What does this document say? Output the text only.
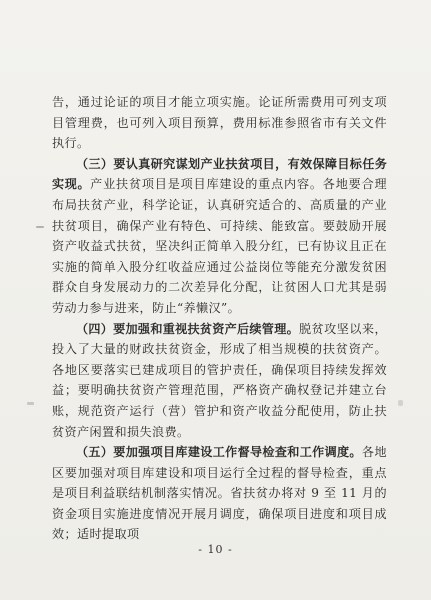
告，通过论证的项目才能立项实施。论证所需费用可列支项目管理费，也可列入项目预算，费用标准参照省市有关文件执行。

（三）要认真研究谋划产业扶贫项目，有效保障目标任务实现。产业扶贫项目是项目库建设的重点内容。各地要合理布局扶贫产业，科学论证，认真研究适合的、高质量的产业扶贫项目，确保产业有特色、可持续、能致富。要鼓励开展资产收益式扶贫，坚决纠正简单入股分红，已有协议且正在实施的简单入股分红收益应通过公益岗位等能充分激发贫困群众自身发展动力的二次差异化分配，让贫困人口尤其是弱劳动力参与进来，防止“养懒汉”。

（四）要加强和重视扶贫资产后续管理。脱贫攻坚以来，投入了大量的财政扶贫资金，形成了相当规模的扶贫资产。各地区要落实已建成项目的管护责任，确保项目持续发挥效益；要明确扶贫资产管理范围，严格资产确权登记并建立台账，规范资产运行（营）管护和资产收益分配使用，防止扶贫资产闲置和损失浪费。

（五）要加强项目库建设工作督导检查和工作调度。各地区要加强对项目库建设和项目运行全过程的督导检查，重点是项目利益联结机制落实情况。省扶贫办将对 9 至 11 月的资金项目实施进度情况开展月调度，确保项目进度和项目成效；适时提取项

- 10 -
